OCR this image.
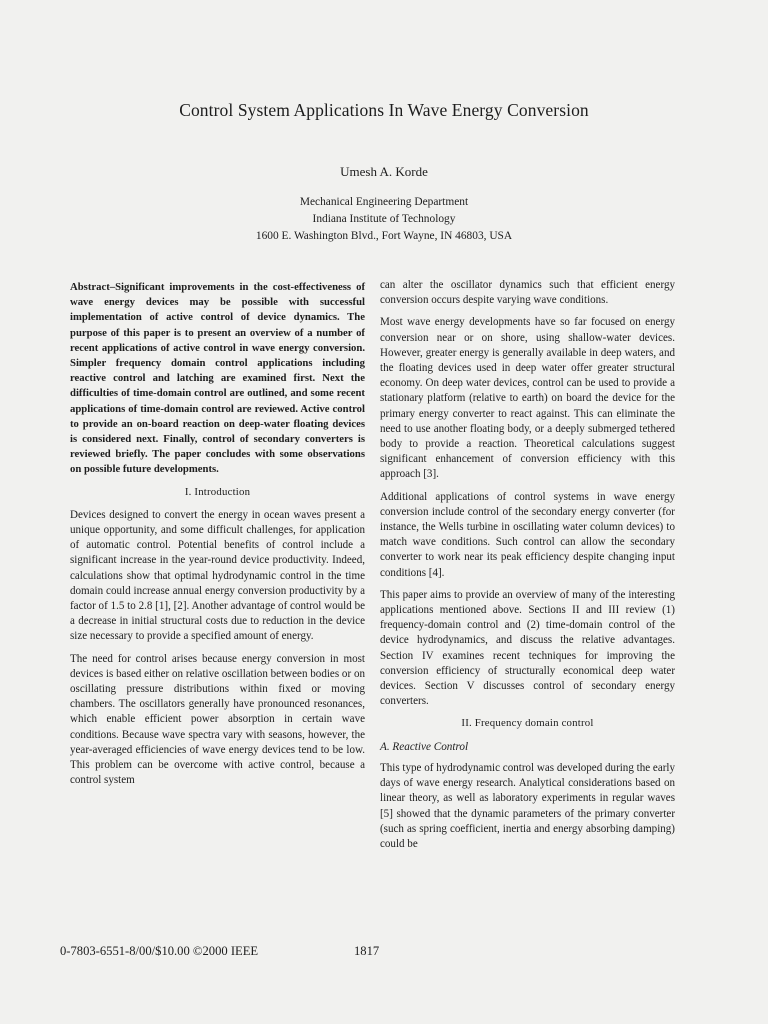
Control System Applications In Wave Energy Conversion
Umesh A. Korde
Mechanical Engineering Department
Indiana Institute of Technology
1600 E. Washington Blvd., Fort Wayne, IN 46803, USA

Abstract–Significant improvements in the cost-effectiveness of wave energy devices may be possible with successful implementation of active control of device dynamics. The purpose of this paper is to present an overview of a number of recent applications of active control in wave energy conversion. Simpler frequency domain control applications including reactive control and latching are examined first. Next the difficulties of time-domain control are outlined, and some recent applications of time-domain control are reviewed. Active control to provide an on-board reaction on deep-water floating devices is considered next. Finally, control of secondary converters is reviewed briefly. The paper concludes with some observations on possible future developments.

I. Introduction

Devices designed to convert the energy in ocean waves present a unique opportunity, and some difficult challenges, for application of automatic control. Potential benefits of control include a significant increase in the year-round device productivity. Indeed, calculations show that optimal hydrodynamic control in the time domain could increase annual energy conversion productivity by a factor of 1.5 to 2.8 [1], [2]. Another advantage of control would be a decrease in initial structural costs due to reduction in the device size necessary to provide a specified amount of energy.

The need for control arises because energy conversion in most devices is based either on relative oscillation between bodies or on oscillating pressure distributions within fixed or moving chambers. The oscillators generally have pronounced resonances, which enable efficient power absorption in certain wave conditions. Because wave spectra vary with seasons, however, the year-averaged efficiencies of wave energy devices tend to be low. This problem can be overcome with active control, because a control system

can alter the oscillator dynamics such that efficient energy conversion occurs despite varying wave conditions.

Most wave energy developments have so far focused on energy conversion near or on shore, using shallow-water devices. However, greater energy is generally available in deep waters, and the floating devices used in deep water offer greater structural economy. On deep water devices, control can be used to provide a stationary platform (relative to earth) on board the device for the primary energy converter to react against. This can eliminate the need to use another floating body, or a deeply submerged tethered body to provide a reaction. Theoretical calculations suggest significant enhancement of conversion efficiency with this approach [3].

Additional applications of control systems in wave energy conversion include control of the secondary energy converter (for instance, the Wells turbine in oscillating water column devices) to match wave conditions. Such control can allow the secondary converter to work near its peak efficiency despite changing input conditions [4].

This paper aims to provide an overview of many of the interesting applications mentioned above. Sections II and III review (1) frequency-domain control and (2) time-domain control of the device hydrodynamics, and discuss the relative advantages. Section IV examines recent techniques for improving the conversion efficiency of structurally economical deep water devices. Section V discusses control of secondary energy converters.

II. Frequency domain control
A. Reactive Control

This type of hydrodynamic control was developed during the early days of wave energy research. Analytical considerations based on linear theory, as well as laboratory experiments in regular waves [5] showed that the dynamic parameters of the primary converter (such as spring coefficient, inertia and energy absorbing damping) could be

0-7803-6551-8/00/$10.00 ©2000 IEEE	1817
